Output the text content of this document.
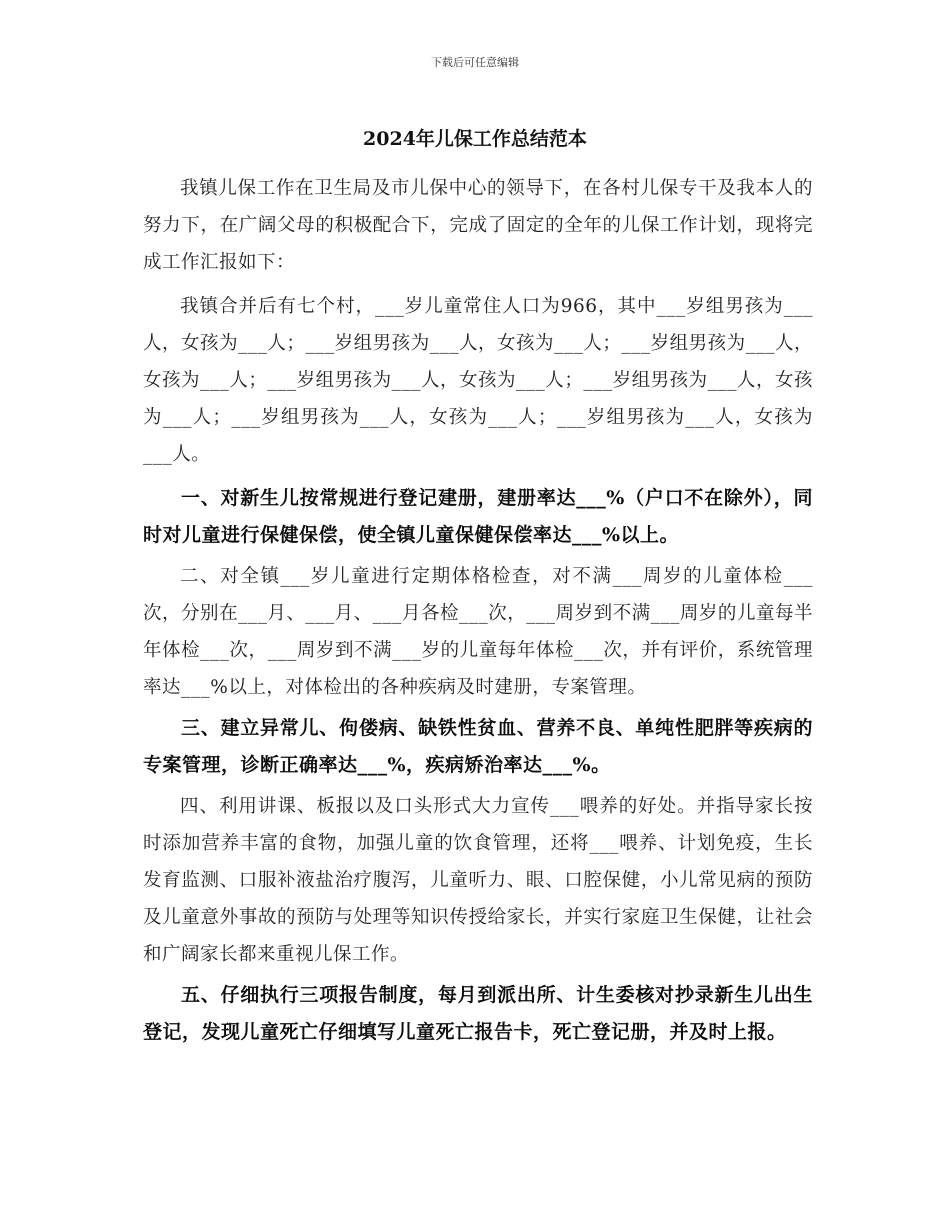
下载后可任意编辑
2024年儿保工作总结范本

我镇儿保工作在卫生局及市儿保中心的领导下，在各村儿保专干及我本人的努力下，在广阔父母的积极配合下，完成了固定的全年的儿保工作计划，现将完成工作汇报如下：

我镇合并后有七个村，___岁儿童常住人口为966，其中___岁组男孩为___人，女孩为___人；___岁组男孩为___人，女孩为___人；___岁组男孩为___人，女孩为___人；___岁组男孩为___人，女孩为___人；___岁组男孩为___人，女孩为___人；___岁组男孩为___人，女孩为___人；___岁组男孩为___人，女孩为___人。

一、对新生儿按常规进行登记建册，建册率达___%（户口不在除外），同时对儿童进行保健保偿，使全镇儿童保健保偿率达___%以上。

二、对全镇___岁儿童进行定期体格检查，对不满___周岁的儿童体检___次，分别在___月、___月、___月各检___次，___周岁到不满___周岁的儿童每半年体检___次，___周岁到不满___岁的儿童每年体检___次，并有评价，系统管理率达___%以上，对体检出的各种疾病及时建册，专案管理。

三、建立异常儿、佝偻病、缺铁性贫血、营养不良、单纯性肥胖等疾病的专案管理，诊断正确率达___%，疾病矫治率达___%。

四、利用讲课、板报以及口头形式大力宣传___喂养的好处。并指导家长按时添加营养丰富的食物，加强儿童的饮食管理，还将___喂养、计划免疫，生长发育监测、口服补液盐治疗腹泻，儿童听力、眼、口腔保健，小儿常见病的预防及儿童意外事故的预防与处理等知识传授给家长，并实行家庭卫生保健，让社会和广阔家长都来重视儿保工作。

五、仔细执行三项报告制度，每月到派出所、计生委核对抄录新生儿出生登记，发现儿童死亡仔细填写儿童死亡报告卡，死亡登记册，并及时上报。
